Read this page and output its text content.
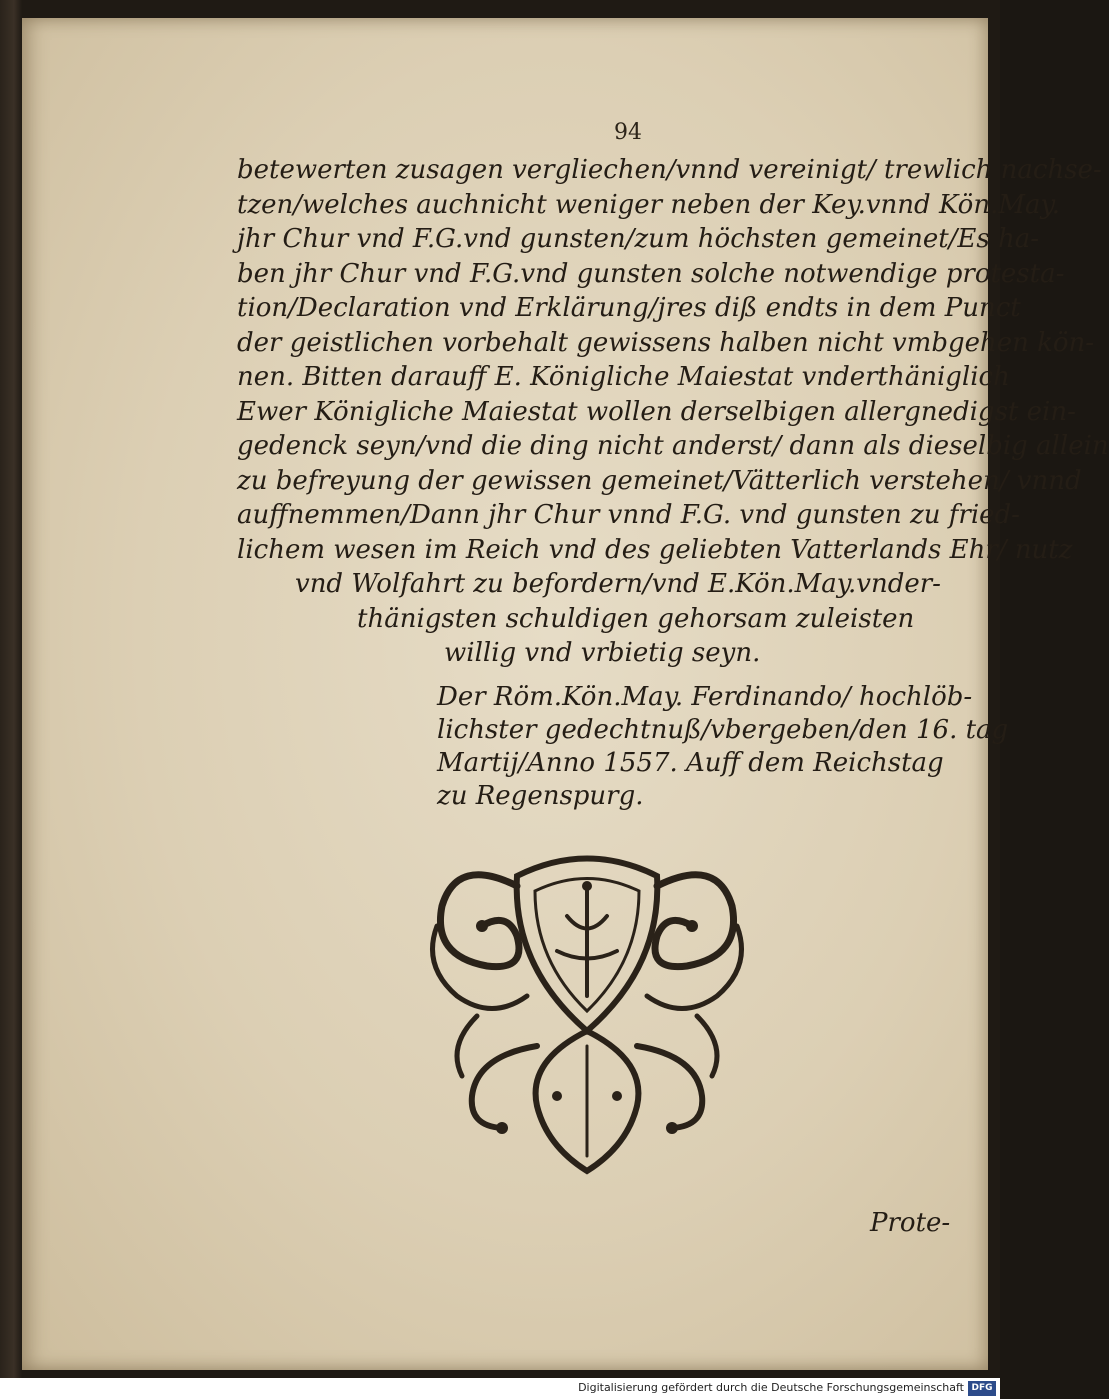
94
betewerten zusagen vergliechen/vnnd vereinigt/ trewlich nachse-
tzen/welches auchnicht weniger neben der Key.vnnd Kön.May.
jhr Chur vnd F.G.vnd gunsten/zum höchsten gemeinet/Es ha-
ben jhr Chur vnd F.G.vnd gunsten solche notwendige protesta-
tion/Declaration vnd Erklärung/jres diß endts in dem Punct
der geistlichen vorbehalt gewissens halben nicht vmbgehen kön-
nen. Bitten darauff E. Königliche Maiestat vnderthäniglich
Ewer Königliche Maiestat wollen derselbigen allergnedigst ein-
gedenck seyn/vnd die ding nicht anderst/ dann als dieselbig allein
zu befreyung der gewissen gemeinet/Vätterlich verstehen/ vnnd
auffnemmen/Dann jhr Chur vnnd F.G. vnd gunsten zu fried-
lichem wesen im Reich vnd des geliebten Vatterlands Ehr/ nutz
vnd Wolfahrt zu befordern/vnd E.Kön.May.vnder-
thänigsten schuldigen gehorsam zuleisten
willig vnd vrbietig seyn.
Der Röm.Kön.May. Ferdinando/ hochlöb-
lichster gedechtnuß/vbergeben/den 16. tag
Martij/Anno 1557. Auff dem Reichstag
zu Regenspurg.
Prote-
Digitalisierung gefördert durch die Deutsche Forschungsgemeinschaft DFG
